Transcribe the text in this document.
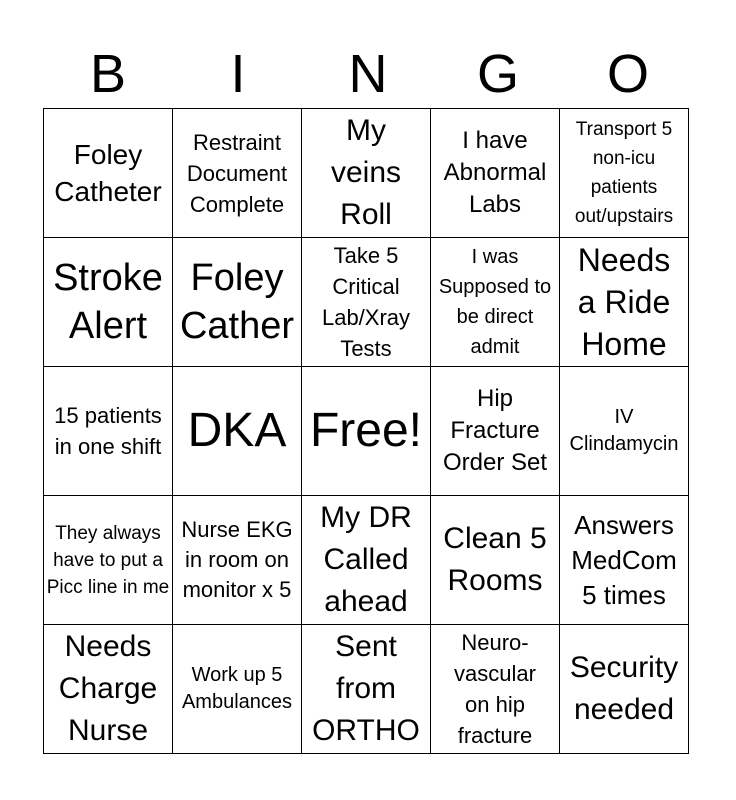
B	I	N	G	O
Foley Catheter	Restraint Document Complete	My veins Roll	I have Abnormal Labs	Transport 5 non-icu patients out/upstairs

Stroke Alert	Foley Cather	Take 5 Critical Lab/Xray Tests	I was Supposed to be direct admit	Needs a Ride Home

15 patients in one shift	DKA	Free!	Hip Fracture Order Set	IV Clindamycin

They always have to put a Picc line in me	Nurse EKG in room on monitor x 5	My DR Called ahead	Clean 5 Rooms	Answers MedCom 5 times

Needs Charge Nurse	Work up 5 Ambulances	Sent from ORTHO	Neuro-vascular on hip fracture	Security needed
